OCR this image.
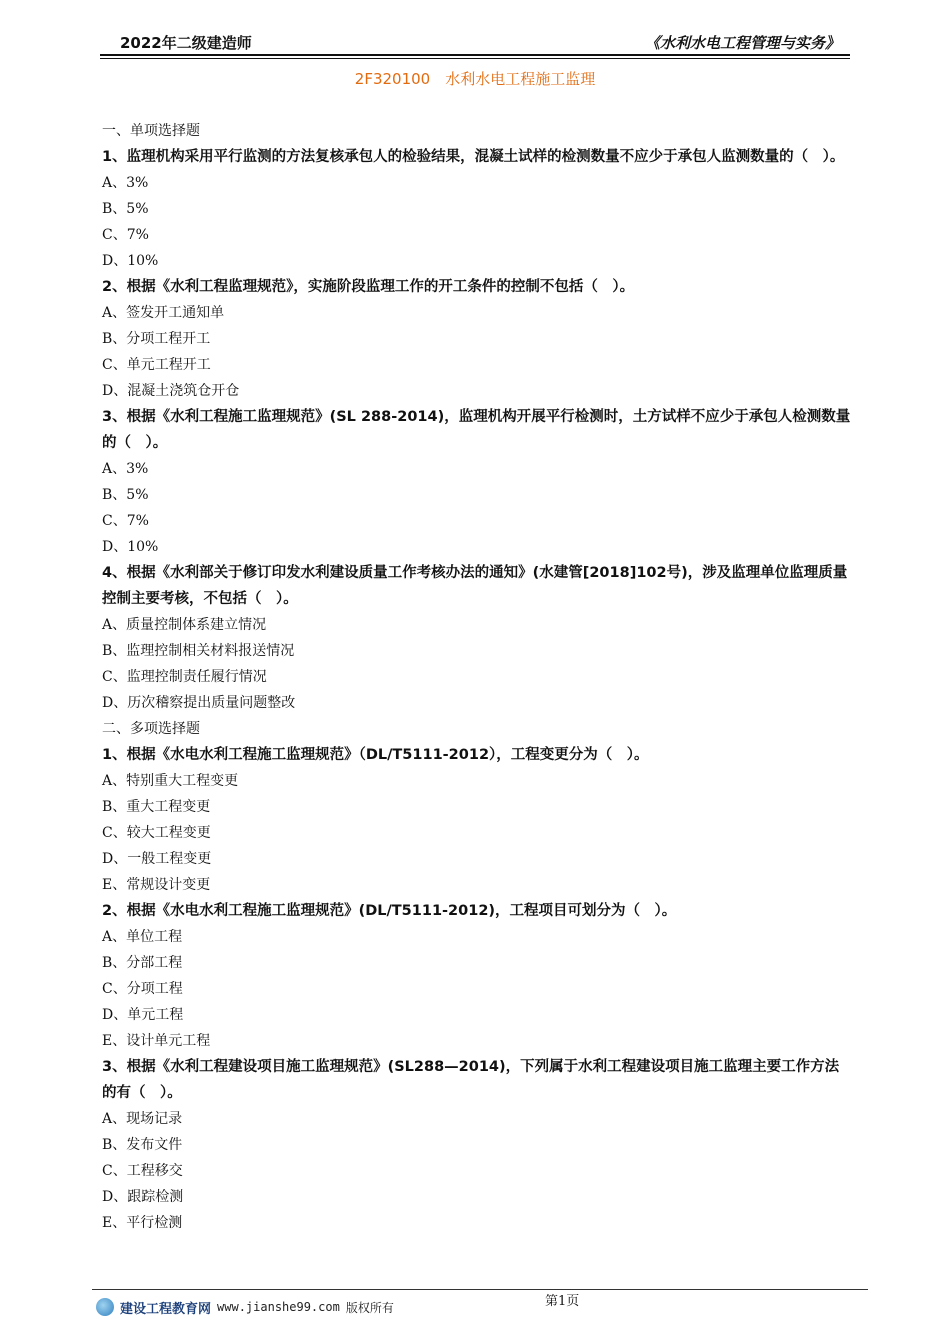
2022年二级建造师	《水利水电工程管理与实务》
2F320100　水利水电工程施工监理
一、单项选择题
1、监理机构采用平行监测的方法复核承包人的检验结果，混凝土试样的检测数量不应少于承包人监测数量的（　）。
A、3%
B、5%
C、7%
D、10%
2、根据《水利工程监理规范》，实施阶段监理工作的开工条件的控制不包括（　）。
A、签发开工通知单
B、分项工程开工
C、单元工程开工
D、混凝土浇筑仓开仓
3、根据《水利工程施工监理规范》(SL 288-2014)，监理机构开展平行检测时，土方试样不应少于承包人检测数量的（　）。
A、3%
B、5%
C、7%
D、10%
4、根据《水利部关于修订印发水利建设质量工作考核办法的通知》(水建管[2018]102号)，涉及监理单位监理质量控制主要考核，不包括（　）。
A、质量控制体系建立情况
B、监理控制相关材料报送情况
C、监理控制责任履行情况
D、历次稽察提出质量问题整改
二、多项选择题
1、根据《水电水利工程施工监理规范》（DL/T5111-2012），工程变更分为（　）。
A、特别重大工程变更
B、重大工程变更
C、较大工程变更
D、一般工程变更
E、常规设计变更
2、根据《水电水利工程施工监理规范》(DL/T5111-2012)，工程项目可划分为（　）。
A、单位工程
B、分部工程
C、分项工程
D、单元工程
E、设计单元工程
3、根据《水利工程建设项目施工监理规范》(SL288—2014)，下列属于水利工程建设项目施工监理主要工作方法的有（　）。
A、现场记录
B、发布文件
C、工程移交
D、跟踪检测
E、平行检测
建设工程教育网 www.jianshe99.com 版权所有	第1页
